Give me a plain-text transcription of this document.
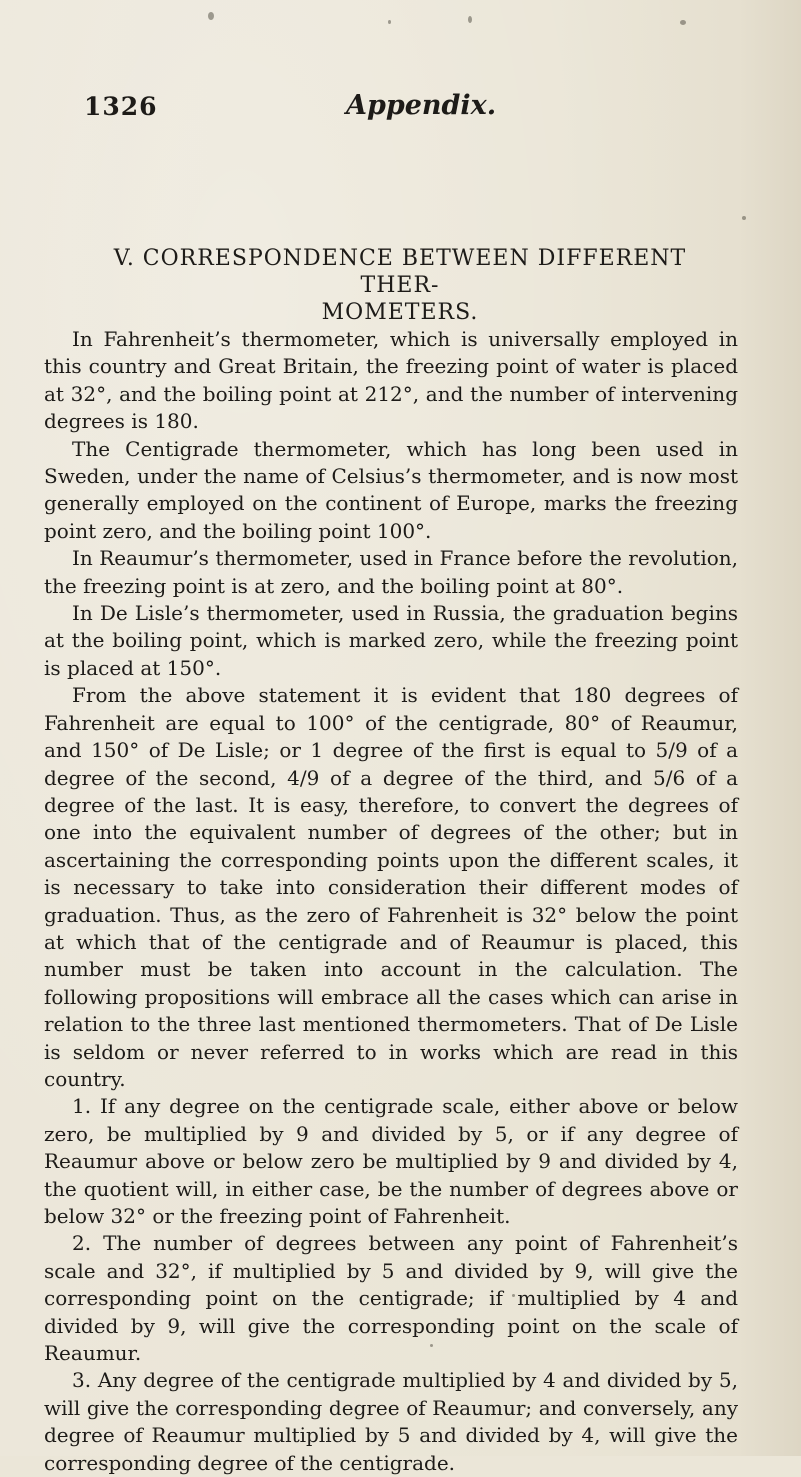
1326	Appendix.
V. CORRESPONDENCE BETWEEN DIFFERENT THER-
MOMETERS.

In Fahrenheit’s thermometer, which is universally employed in this country and Great Britain, the freezing point of water is placed at 32°, and the boiling point at 212°, and the number of intervening degrees is 180.

The Centigrade thermometer, which has long been used in Sweden, under the name of Celsius’s thermometer, and is now most generally employed on the continent of Europe, marks the freezing point zero, and the boiling point 100°.

In Reaumur’s thermometer, used in France before the revolution, the freezing point is at zero, and the boiling point at 80°.

In De Lisle’s thermometer, used in Russia, the graduation begins at the boiling point, which is marked zero, while the freezing point is placed at 150°.

From the above statement it is evident that 180 degrees of Fahrenheit are equal to 100° of the centigrade, 80° of Reaumur, and 150° of De Lisle; or 1 degree of the first is equal to 5/9 of a degree of the second, 4/9 of a degree of the third, and 5/6 of a degree of the last. It is easy, therefore, to convert the degrees of one into the equivalent number of degrees of the other; but in ascertaining the corresponding points upon the different scales, it is necessary to take into consideration their different modes of graduation. Thus, as the zero of Fahrenheit is 32° below the point at which that of the centigrade and of Reaumur is placed, this number must be taken into account in the calculation. The following propositions will embrace all the cases which can arise in relation to the three last mentioned thermometers. That of De Lisle is seldom or never referred to in works which are read in this country.

1. If any degree on the centigrade scale, either above or below zero, be multiplied by 9 and divided by 5, or if any degree of Reaumur above or below zero be multiplied by 9 and divided by 4, the quotient will, in either case, be the number of degrees above or below 32° or the freezing point of Fahrenheit.

2. The number of degrees between any point of Fahrenheit’s scale and 32°, if multiplied by 5 and divided by 9, will give the corresponding point on the centigrade; if multiplied by 4 and divided by 9, will give the corresponding point on the scale of Reaumur.

3. Any degree of the centigrade multiplied by 4 and divided by 5, will give the corresponding degree of Reaumur; and conversely, any degree of Reaumur multiplied by 5 and divided by 4, will give the corresponding degree of the centigrade.
